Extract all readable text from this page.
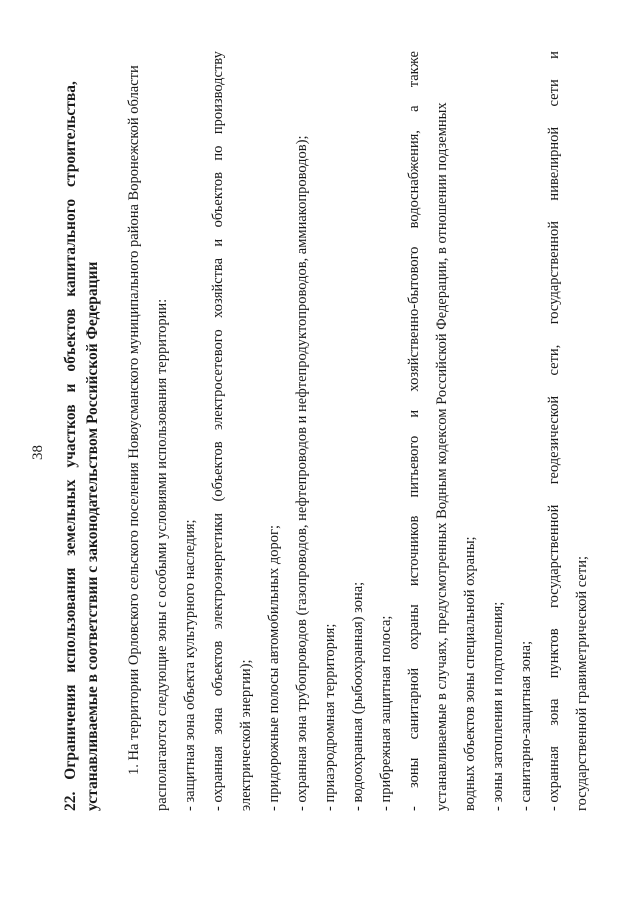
38
22.
Ограничения
использования
земельных
участков
и
объектов
капитального
строительства,
устанавливаемые в соответствии с законодательством Российской Федерации	1. На территории Орловского сельского поселения Новоусманского муниципального района Воронежской области располагаются следующие зоны с особыми условиями использования территории: - защитная зона объекта культурного наследия; - охранная
зона
объектов
электроэнергетики
(объектов
электросетевого
хозяйства
и
объектов
по
производству
электрической энергии); - придорожные полосы автомобильных дорог; - охранная зона трубопроводов (газопроводов, нефтепроводов и нефтепродуктопроводов, аммиакопроводов); - приаэродромная территория; - водоохранная (рыбоохранная) зона; - прибрежная защитная полоса; -
зоны
санитарной
охраны
источников
питьевого
и
хозяйственно-бытового
водоснабжения,
а
также
устанавливаемые в случаях, предусмотренных Водным кодексом Российской Федерации, в отношении подземных водных объектов зоны специальной охраны; - зоны затопления и подтопления; - санитарно-защитная зона; - охранная
зона
пунктов
государственной
геодезической
сети,
государственной
нивелирной
сети
и
государственной гравиметрической сети;
